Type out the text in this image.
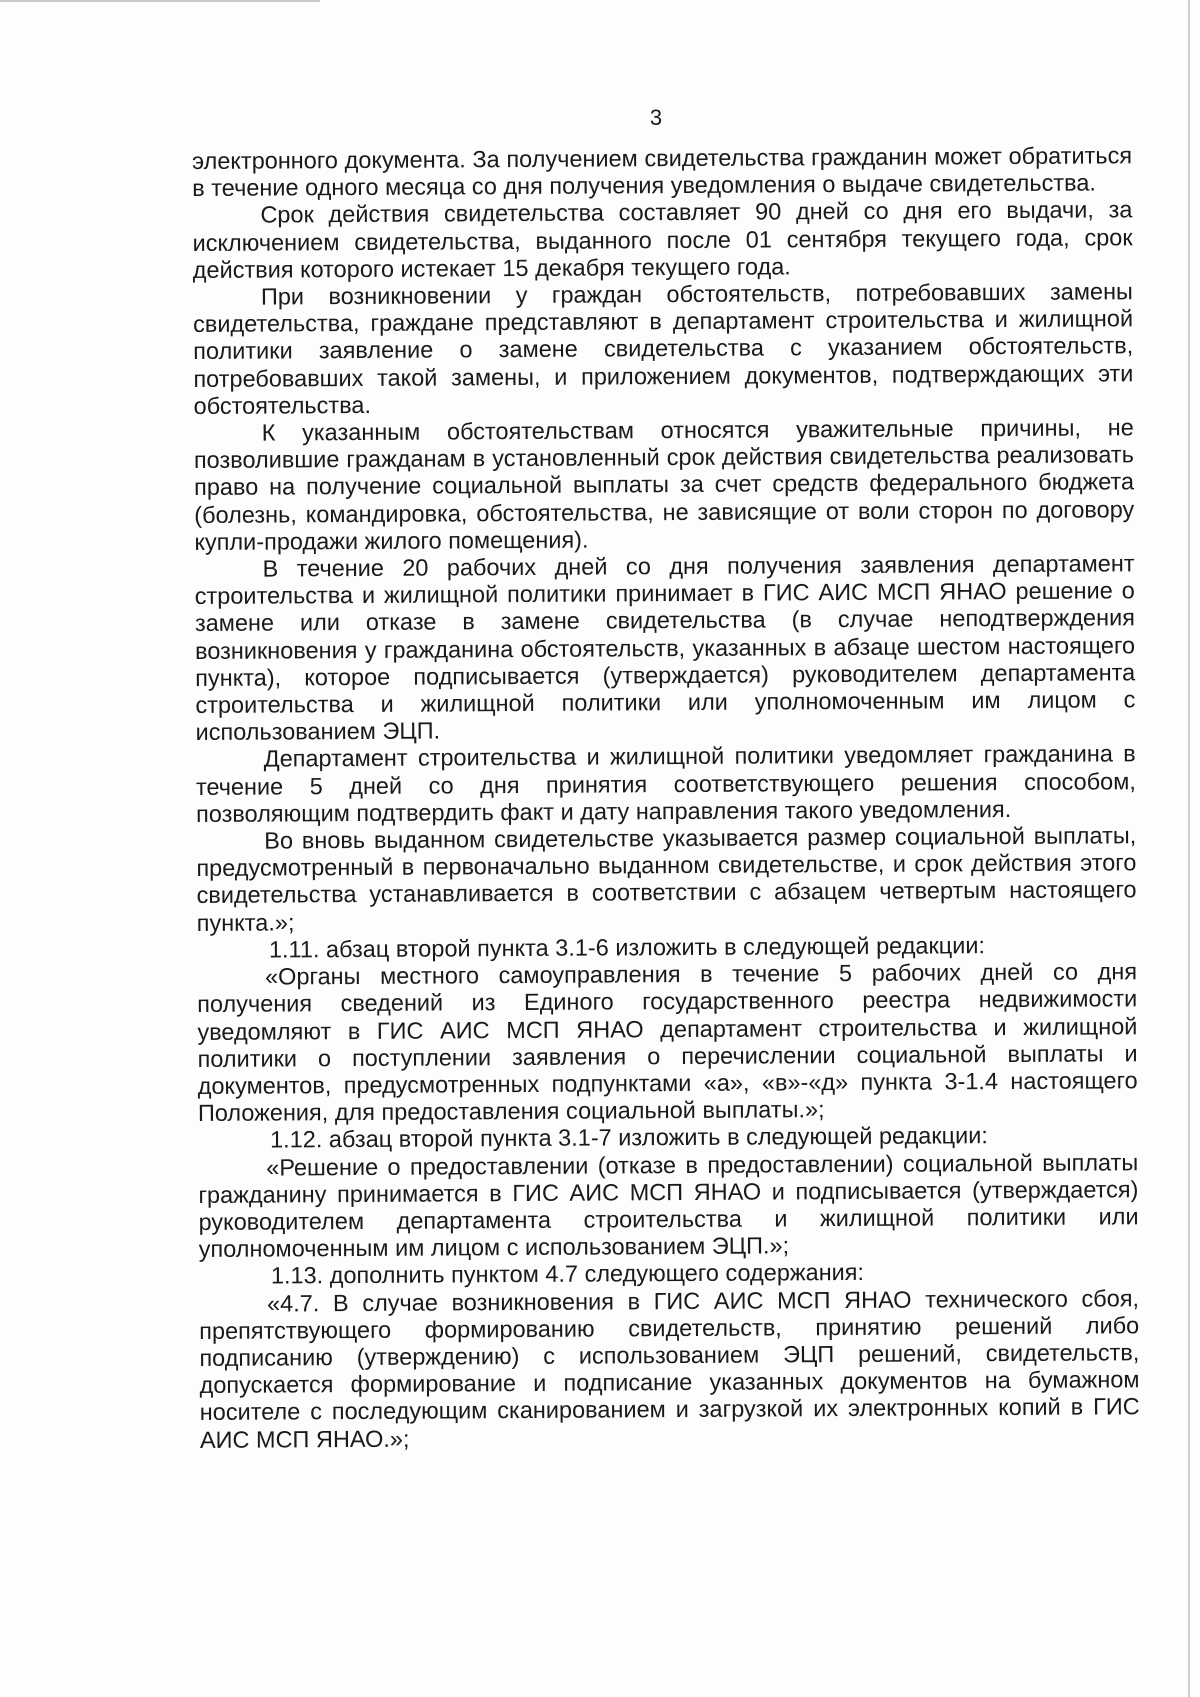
3

электронного документа. За получением свидетельства гражданин может обратиться в течение одного месяца со дня получения уведомления о выдаче свидетельства.

Срок действия свидетельства составляет 90 дней со дня его выдачи, за исключением свидетельства, выданного после 01 сентября текущего года, срок действия которого истекает 15 декабря текущего года.

При возникновении у граждан обстоятельств, потребовавших замены свидетельства, граждане представляют в департамент строительства и жилищной политики заявление о замене свидетельства с указанием обстоятельств, потребовавших такой замены, и приложением документов, подтверждающих эти обстоятельства.

К указанным обстоятельствам относятся уважительные причины, не позволившие гражданам в установленный срок действия свидетельства реализовать право на получение социальной выплаты за счет средств федерального бюджета (болезнь, командировка, обстоятельства, не зависящие от воли сторон по договору купли-продажи жилого помещения).

В течение 20 рабочих дней со дня получения заявления департамент строительства и жилищной политики принимает в ГИС АИС МСП ЯНАО решение о замене или отказе в замене свидетельства (в случае неподтверждения возникновения у гражданина обстоятельств, указанных в абзаце шестом настоящего пункта), которое подписывается (утверждается) руководителем департамента строительства и жилищной политики или уполномоченным им лицом с использованием ЭЦП.

Департамент строительства и жилищной политики уведомляет гражданина в течение 5 дней со дня принятия соответствующего решения способом, позволяющим подтвердить факт и дату направления такого уведомления.

Во вновь выданном свидетельстве указывается размер социальной выплаты, предусмотренный в первоначально выданном свидетельстве, и срок действия этого свидетельства устанавливается в соответствии с абзацем четвертым настоящего пункта.»;

1.11. абзац второй пункта 3.1-6 изложить в следующей редакции:

«Органы местного самоуправления в течение 5 рабочих дней со дня получения сведений из Единого государственного реестра недвижимости уведомляют в ГИС АИС МСП ЯНАО департамент строительства и жилищной политики о поступлении заявления о перечислении социальной выплаты и документов, предусмотренных подпунктами «а», «в»-«д» пункта 3-1.4 настоящего Положения, для предоставления социальной выплаты.»;

1.12. абзац второй пункта 3.1-7 изложить в следующей редакции:

«Решение о предоставлении (отказе в предоставлении) социальной выплаты гражданину принимается в ГИС АИС МСП ЯНАО и подписывается (утверждается) руководителем департамента строительства и жилищной политики или уполномоченным им лицом с использованием ЭЦП.»;

1.13. дополнить пунктом 4.7 следующего содержания:

«4.7. В случае возникновения в ГИС АИС МСП ЯНАО технического сбоя, препятствующего формированию свидетельств, принятию решений либо подписанию (утверждению) с использованием ЭЦП решений, свидетельств, допускается формирование и подписание указанных документов на бумажном носителе с последующим сканированием и загрузкой их электронных копий в ГИС АИС МСП ЯНАО.»;
